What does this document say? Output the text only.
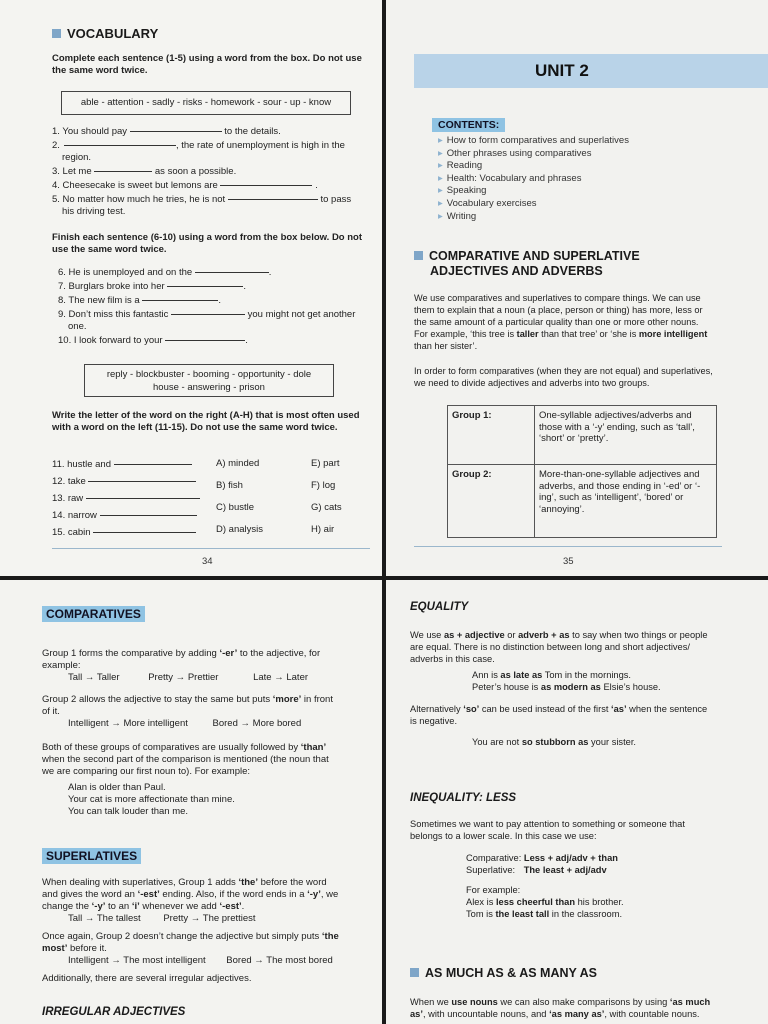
VOCABULARY
Complete each sentence (1-5) using a word from the box. Do not use the same word twice.
able - attention - sadly - risks - homework - sour - up - know
1. You should pay	to the details.
2.	, the rate of unemployment is high in the
region.
3. Let me	as soon a possible.
4. Cheesecake is sweet but lemons are	.
5. No matter how much he tries, he is not	to pass
his driving test.
Finish each sentence (6-10) using a word from the box below. Do not use the same word twice.
6. He is unemployed and on the	.
7. Burglars broke into her	.
8. The new film is a	.
9. Don’t miss this fantastic	you might not get another
one.
10. I look forward to your	.
reply - blockbuster - booming - opportunity - dole
house - answering - prison
Write the letter of the word on the right (A-H) that is most often used with a word on the left (11-15). Do not use the same word twice.
11. hustle and
12. take
13. raw
14. narrow
15. cabin
A) minded
B) fish
C) bustle
D) analysis
E) part
F) log
G) cats
H) air
34
UNIT 2
CONTENTS:
▸ How to form comparatives and superlatives
▸ Other phrases using comparatives
▸ Reading
▸ Health: Vocabulary and phrases
▸ Speaking
▸ Vocabulary exercises
▸ Writing
COMPARATIVE AND SUPERLATIVE
ADJECTIVES AND ADVERBS
We use comparatives and superlatives to compare things. We can use
them to explain that a noun (a place, person or thing) has more, less or
the same amount of a particular quality than one or more other nouns.
For example, ‘this tree is taller than that tree’ or ‘she is more intelligent
than her sister’.
In order to form comparatives (when they are not equal) and superlatives,
we need to divide adjectives and adverbs into two groups.
Group 1:	One-syllable adjectives/adverbs and those with a ‘-y’ ending, such as ‘tall’, ‘short’ or ‘pretty’.
Group 2:	More-than-one-syllable adjectives and adverbs, and those ending in ‘-ed’ or ‘-ing’, such as ‘intelligent’, ‘bored’ or ‘annoying’.
35
COMPARATIVES
Group 1 forms the comparative by adding ‘-er’ to the adjective, for
example:
Tall → Taller	Pretty → Prettier	Late → Later
Group 2 allows the adjective to stay the same but puts ‘more’ in front
of it.
Intelligent → More intelligent	Bored → More bored
Both of these groups of comparatives are usually followed by ‘than’
when the second part of the comparison is mentioned (the noun that
we are comparing our first noun to). For example:
Alan is older than Paul.
Your cat is more affectionate than mine.
You can talk louder than me.
SUPERLATIVES
When dealing with superlatives, Group 1 adds ‘the’ before the word
and gives the word an ‘-est’ ending. Also, if the word ends in a ‘-y’, we
change the ‘-y’ to an ‘i’ whenever we add ‘-est’.
Tall → The tallest Pretty → The prettiest
Once again, Group 2 doesn’t change the adjective but simply puts ‘the
most’ before it.
Intelligent → The most intelligent Bored → The most bored
Additionally, there are several irregular adjectives.
IRREGULAR ADJECTIVES
EQUALITY
We use as + adjective or adverb + as to say when two things or people
are equal. There is no distinction between long and short adjectives/
adverbs in this case.
Ann is as late as Tom in the mornings.
Peter’s house is as modern as Elsie’s house.
Alternatively ‘so’ can be used instead of the first ‘as’ when the sentence
is negative.
You are not so stubborn as your sister.
INEQUALITY: LESS
Sometimes we want to pay attention to something or someone that
belongs to a lower scale. In this case we use:
Comparative: Less + adj/adv + than
Superlative: The least + adj/adv
For example:
Alex is less cheerful than his brother.
Tom is the least tall in the classroom.
AS MUCH AS & AS MANY AS
When we use nouns we can also make comparisons by using ‘as much
as’, with uncountable nouns, and ‘as many as’, with countable nouns.
